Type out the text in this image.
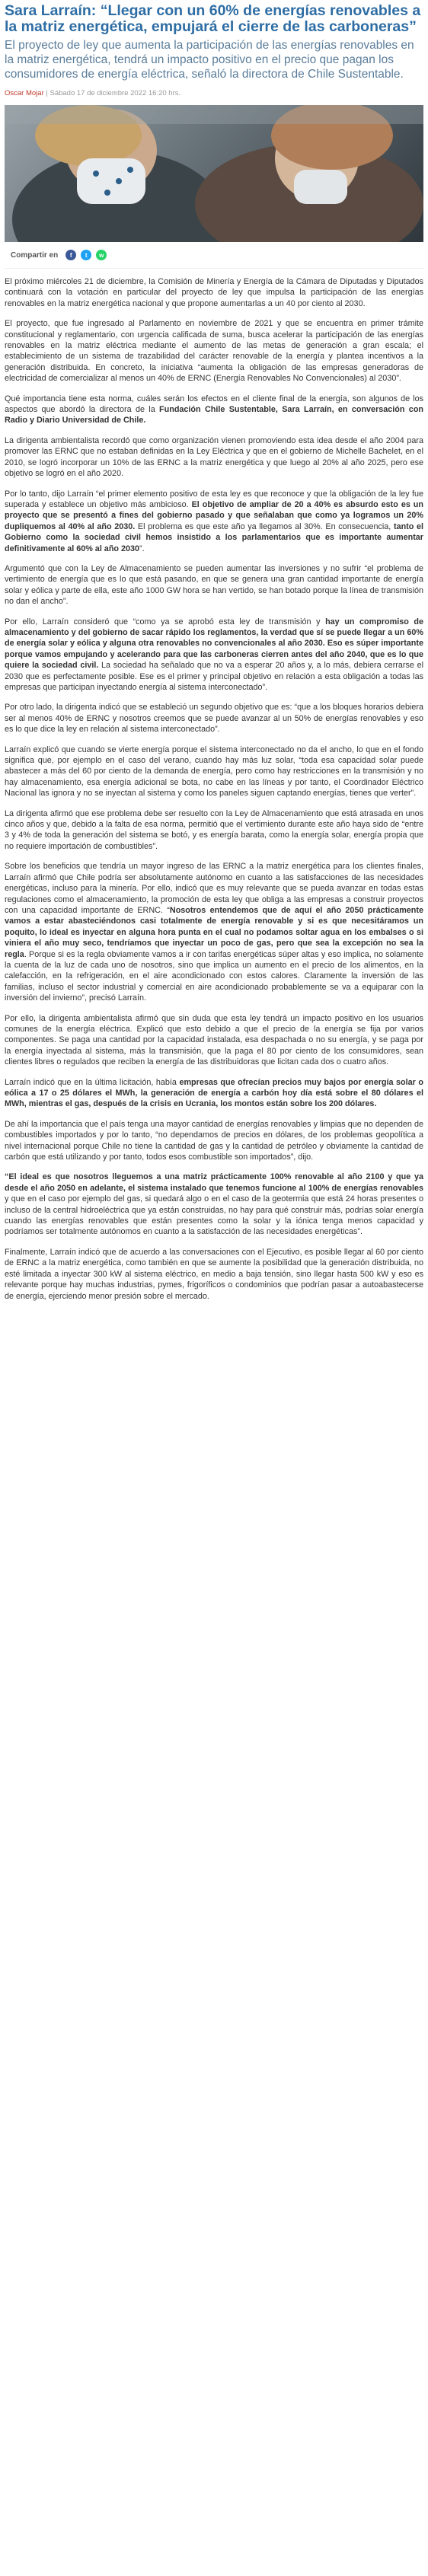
Sara Larraín: “Llegar con un 60% de energías renovables a la matriz energética, empujará el cierre de las carboneras”

El proyecto de ley que aumenta la participación de las energías renovables en la matriz energética, tendrá un impacto positivo en el precio que pagan los consumidores de energía eléctrica, señaló la directora de Chile Sustentable.

Oscar Mojar | Sábado 17 de diciembre 2022 16:20 hrs.
Compartir en	f	t	w

El próximo miércoles 21 de diciembre, la Comisión de Minería y Energía de la Cámara de Diputadas y Diputados continuará con la votación en particular del proyecto de ley que impulsa la participación de las energías renovables en la matriz energética nacional y que propone aumentarlas a un 40 por ciento al 2030.

El proyecto, que fue ingresado al Parlamento en noviembre de 2021 y que se encuentra en primer trámite constitucional y reglamentario, con urgencia calificada de suma, busca acelerar la participación de las energías renovables en la matriz eléctrica mediante el aumento de las metas de generación a gran escala; el establecimiento de un sistema de trazabilidad del carácter renovable de la energía y plantea incentivos a la generación distribuida. En concreto, la iniciativa “aumenta la obligación de las empresas generadoras de electricidad de comercializar al menos un 40% de ERNC (Energía Renovables No Convencionales) al 2030”.

Qué importancia tiene esta norma, cuáles serán los efectos en el cliente final de la energía, son algunos de los aspectos que abordó la directora de la Fundación Chile Sustentable, Sara Larraín, en conversación con Radio y Diario Universidad de Chile.

La dirigenta ambientalista recordó que como organización vienen promoviendo esta idea desde el año 2004 para promover las ERNC que no estaban definidas en la Ley Eléctrica y que en el gobierno de Michelle Bachelet, en el 2010, se logró incorporar un 10% de las ERNC a la matriz energética y que luego al 20% al año 2025, pero ese objetivo se logró en el año 2020.

Por lo tanto, dijo Larraín “el primer elemento positivo de esta ley es que reconoce y que la obligación de la ley fue superada y establece un objetivo más ambicioso. El objetivo de ampliar de 20 a 40% es absurdo esto es un proyecto que se presentó a fines del gobierno pasado y que señalaban que como ya logramos un 20% dupliquemos al 40% al año 2030. El problema es que este año ya llegamos al 30%. En consecuencia, tanto el Gobierno como la sociedad civil hemos insistido a los parlamentarios que es importante aumentar definitivamente al 60% al año 2030”.

Argumentó que con la Ley de Almacenamiento se pueden aumentar las inversiones y no sufrir “el problema de vertimiento de energía que es lo que está pasando, en que se genera una gran cantidad importante de energía solar y eólica y parte de ella, este año 1000 GW hora se han vertido, se han botado porque la línea de transmisión no dan el ancho”.

Por ello, Larraín consideró que “como ya se aprobó esta ley de transmisión y hay un compromiso de almacenamiento y del gobierno de sacar rápido los reglamentos, la verdad que sí se puede llegar a un 60% de energía solar y eólica y alguna otra renovables no convencionales al año 2030. Eso es súper importante porque vamos empujando y acelerando para que las carboneras cierren antes del año 2040, que es lo que quiere la sociedad civil. La sociedad ha señalado que no va a esperar 20 años y, a lo más, debiera cerrarse el 2030 que es perfectamente posible. Ese es el primer y principal objetivo en relación a esta obligación a todas las empresas que participan inyectando energía al sistema interconectado”.

Por otro lado, la dirigenta indicó que se estableció un segundo objetivo que es: “que a los bloques horarios debiera ser al menos 40% de ERNC y nosotros creemos que se puede avanzar al un 50% de energías renovables y eso es lo que dice la ley en relación al sistema interconectado”.

Larraín explicó que cuando se vierte energía porque el sistema interconectado no da el ancho, lo que en el fondo significa que, por ejemplo en el caso del verano, cuando hay más luz solar, “toda esa capacidad solar puede abastecer a más del 60 por ciento de la demanda de energía, pero como hay restricciones en la transmisión y no hay almacenamiento, esa energía adicional se bota, no cabe en las líneas y por tanto, el Coordinador Eléctrico Nacional las ignora y no se inyectan al sistema y como los paneles siguen captando energías, tienes que verter”.

La dirigenta afirmó que ese problema debe ser resuelto con la Ley de Almacenamiento que está atrasada en unos cinco años y que, debido a la falta de esa norma, permitió que el vertimiento durante este año haya sido de “entre 3 y 4% de toda la generación del sistema se botó, y es energía barata, como la energía solar, energía propia que no requiere importación de combustibles”.

Sobre los beneficios que tendría un mayor ingreso de las ERNC a la matriz energética para los clientes finales, Larraín afirmó que Chile podría ser absolutamente autónomo en cuanto a las satisfacciones de las necesidades energéticas, incluso para la minería. Por ello, indicó que es muy relevante que se pueda avanzar en todas estas regulaciones como el almacenamiento, la promoción de esta ley que obliga a las empresas a construir proyectos con una capacidad importante de ERNC. “Nosotros entendemos que de aquí el año 2050 prácticamente vamos a estar abasteciéndonos casi totalmente de energía renovable y si es que necesitáramos un poquito, lo ideal es inyectar en alguna hora punta en el cual no podamos soltar agua en los embalses o si viniera el año muy seco, tendríamos que inyectar un poco de gas, pero que sea la excepción no sea la regla. Porque si es la regla obviamente vamos a ir con tarifas energéticas súper altas y eso implica, no solamente la cuenta de la luz de cada uno de nosotros, sino que implica un aumento en el precio de los alimentos, en la calefacción, en la refrigeración, en el aire acondicionado con estos calores. Claramente la inversión de las familias, incluso el sector industrial y comercial en aire acondicionado probablemente se va a equiparar con la inversión del invierno”, precisó Larraín.

Por ello, la dirigenta ambientalista afirmó que sin duda que esta ley tendrá un impacto positivo en los usuarios comunes de la energía eléctrica. Explicó que esto debido a que el precio de la energía se fija por varios componentes. Se paga una cantidad por la capacidad instalada, esa despachada o no su energía, y se paga por la energía inyectada al sistema, más la transmisión, que la paga el 80 por ciento de los consumidores, sean clientes libres o regulados que reciben la energía de las distribuidoras que licitan cada dos o cuatro años.

Larraín indicó que en la última licitación, había empresas que ofrecían precios muy bajos por energía solar o eólica a 17 o 25 dólares el MWh, la generación de energía a carbón hoy día está sobre el 80 dólares el MWh, mientras el gas, después de la crisis en Ucrania, los montos están sobre los 200 dólares.

De ahí la importancia que el país tenga una mayor cantidad de energías renovables y limpias que no dependen de combustibles importados y por lo tanto, “no dependamos de precios en dólares, de los problemas geopolítica a nivel internacional porque Chile no tiene la cantidad de gas y la cantidad de petróleo y obviamente la cantidad de carbón que está utilizando y por tanto, todos esos combustible son importados”, dijo.

“El ideal es que nosotros lleguemos a una matriz prácticamente 100% renovable al año 2100 y que ya desde el año 2050 en adelante, el sistema instalado que tenemos funcione al 100% de energías renovables y que en el caso por ejemplo del gas, si quedará algo o en el caso de la geotermia que está 24 horas presentes o incluso de la central hidroeléctrica que ya están construidas, no hay para qué construir más, podrías solar energía cuando las energías renovables que están presentes como la solar y la iónica tenga menos capacidad y podríamos ser totalmente autónomos en cuanto a la satisfacción de las necesidades energéticas”.

Finalmente, Larraín indicó que de acuerdo a las conversaciones con el Ejecutivo, es posible llegar al 60 por ciento de ERNC a la matriz energética, como también en que se aumente la posibilidad que la generación distribuida, no esté limitada a inyectar 300 kW al sistema eléctrico, en medio a baja tensión, sino llegar hasta 500 kW y eso es relevante porque hay muchas industrias, pymes, frigoríficos o condominios que podrían pasar a autoabastecerse de energía, ejerciendo menor presión sobre el mercado.
